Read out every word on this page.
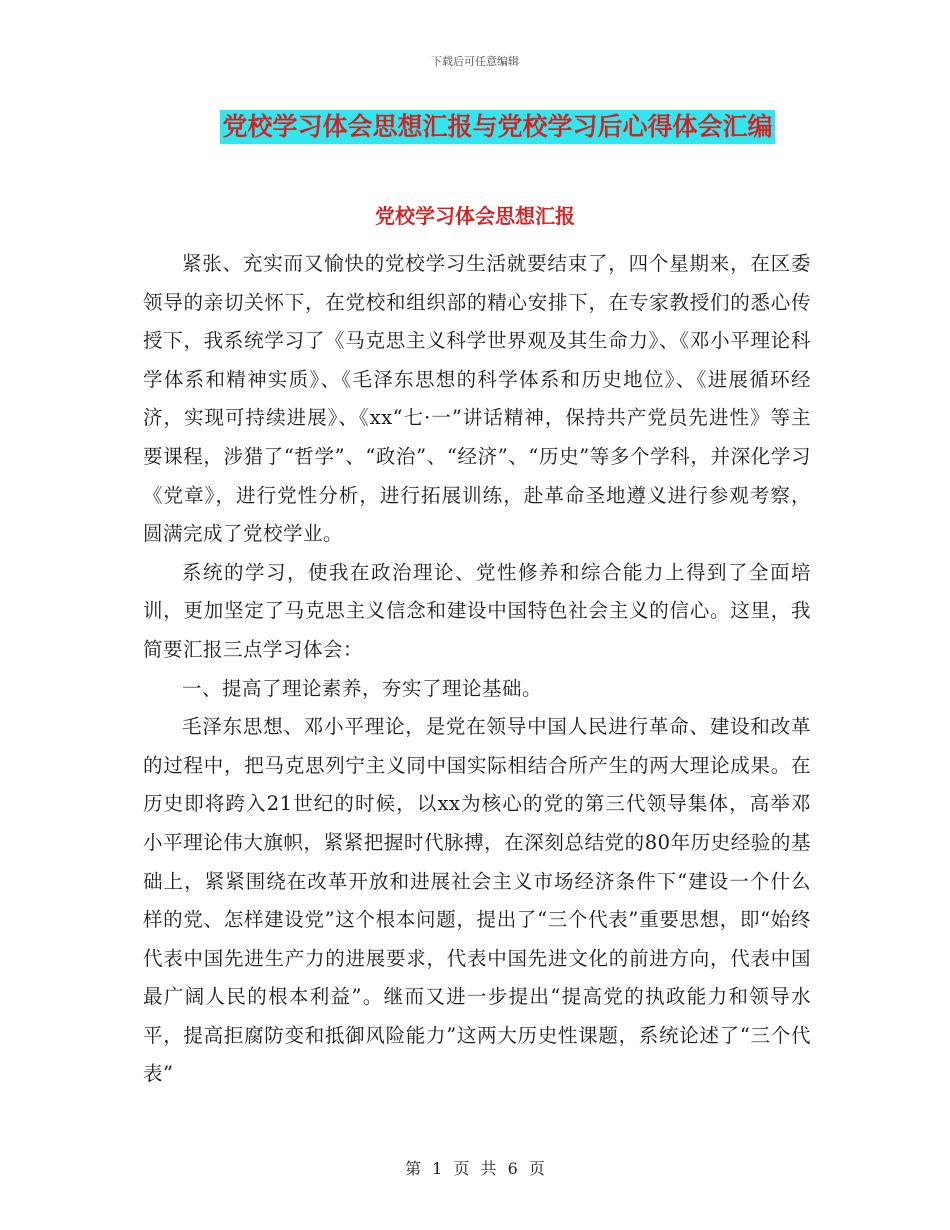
下载后可任意编辑
党校学习体会思想汇报与党校学习后心得体会汇编
党校学习体会思想汇报

紧张、充实而又愉快的党校学习生活就要结束了，四个星期来，在区委领导的亲切关怀下，在党校和组织部的精心安排下，在专家教授们的悉心传授下，我系统学习了《马克思主义科学世界观及其生命力》、《邓小平理论科学体系和精神实质》、《毛泽东思想的科学体系和历史地位》、《进展循环经济，实现可持续进展》、《xx“七·一”讲话精神，保持共产党员先进性》等主要课程，涉猎了“哲学”、“政治”、“经济”、“历史”等多个学科，并深化学习《党章》，进行党性分析，进行拓展训练，赴革命圣地遵义进行参观考察，圆满完成了党校学业。

系统的学习，使我在政治理论、党性修养和综合能力上得到了全面培训，更加坚定了马克思主义信念和建设中国特色社会主义的信心。这里，我简要汇报三点学习体会：

一、提高了理论素养，夯实了理论基础。

毛泽东思想、邓小平理论，是党在领导中国人民进行革命、建设和改革的过程中，把马克思列宁主义同中国实际相结合所产生的两大理论成果。在历史即将跨入21世纪的时候，以xx为核心的党的第三代领导集体，高举邓小平理论伟大旗帜，紧紧把握时代脉搏，在深刻总结党的80年历史经验的基础上，紧紧围绕在改革开放和进展社会主义市场经济条件下“建设一个什么样的党、怎样建设党”这个根本问题，提出了“三个代表”重要思想，即“始终代表中国先进生产力的进展要求，代表中国先进文化的前进方向，代表中国最广阔人民的根本利益”。继而又进一步提出“提高党的执政能力和领导水平，提高拒腐防变和抵御风险能力”这两大历史性课题，系统论述了“三个代表”

第 1 页 共 6 页
